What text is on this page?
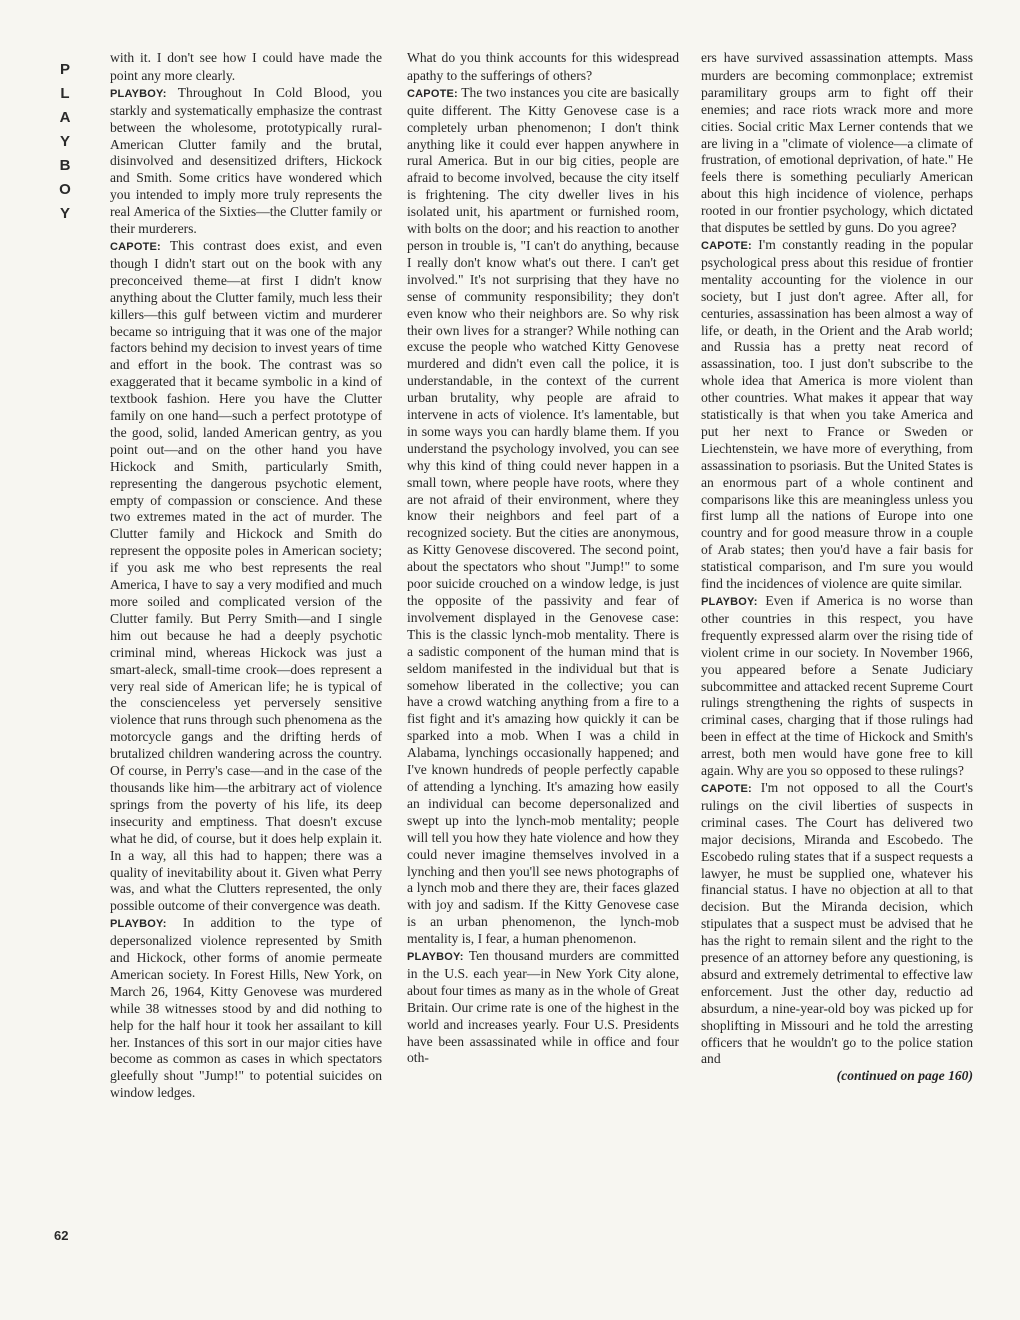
P
L
A
Y
B
O
Y

with it. I don't see how I could have made the point any more clearly.

PLAYBOY: Throughout In Cold Blood, you starkly and systematically emphasize the contrast between the wholesome, prototypically rural-American Clutter family and the brutal, disinvolved and desensitized drifters, Hickock and Smith. Some critics have wondered which you intended to imply more truly represents the real America of the Sixties—the Clutter family or their murderers.

CAPOTE: This contrast does exist, and even though I didn't start out on the book with any preconceived theme—at first I didn't know anything about the Clutter family, much less their killers—this gulf between victim and murderer became so intriguing that it was one of the major factors behind my decision to invest years of time and effort in the book. The contrast was so exaggerated that it became symbolic in a kind of textbook fashion. Here you have the Clutter family on one hand—such a perfect prototype of the good, solid, landed American gentry, as you point out—and on the other hand you have Hickock and Smith, particularly Smith, representing the dangerous psychotic element, empty of compassion or conscience. And these two extremes mated in the act of murder. The Clutter family and Hickock and Smith do represent the opposite poles in American society; if you ask me who best represents the real America, I have to say a very modified and much more soiled and complicated version of the Clutter family. But Perry Smith—and I single him out because he had a deeply psychotic criminal mind, whereas Hickock was just a smart-aleck, small-time crook—does represent a very real side of American life; he is typical of the conscienceless yet perversely sensitive violence that runs through such phenomena as the motorcycle gangs and the drifting herds of brutalized children wandering across the country. Of course, in Perry's case—and in the case of the thousands like him—the arbitrary act of violence springs from the poverty of his life, its deep insecurity and emptiness. That doesn't excuse what he did, of course, but it does help explain it. In a way, all this had to happen; there was a quality of inevitability about it. Given what Perry was, and what the Clutters represented, the only possible outcome of their convergence was death.

PLAYBOY: In addition to the type of depersonalized violence represented by Smith and Hickock, other forms of anomie permeate American society. In Forest Hills, New York, on March 26, 1964, Kitty Genovese was murdered while 38 witnesses stood by and did nothing to help for the half hour it took her assailant to kill her. Instances of this sort in our major cities have become as common as cases in which spectators gleefully shout "Jump!" to potential suicides on window ledges.

What do you think accounts for this widespread apathy to the sufferings of others?

CAPOTE: The two instances you cite are basically quite different. The Kitty Genovese case is a completely urban phenomenon; I don't think anything like it could ever happen anywhere in rural America. But in our big cities, people are afraid to become involved, because the city itself is frightening. The city dweller lives in his isolated unit, his apartment or furnished room, with bolts on the door; and his reaction to another person in trouble is, "I can't do anything, because I really don't know what's out there. I can't get involved." It's not surprising that they have no sense of community responsibility; they don't even know who their neighbors are. So why risk their own lives for a stranger? While nothing can excuse the people who watched Kitty Genovese murdered and didn't even call the police, it is understandable, in the context of the current urban brutality, why people are afraid to intervene in acts of violence. It's lamentable, but in some ways you can hardly blame them. If you understand the psychology involved, you can see why this kind of thing could never happen in a small town, where people have roots, where they are not afraid of their environment, where they know their neighbors and feel part of a recognized society. But the cities are anonymous, as Kitty Genovese discovered. The second point, about the spectators who shout "Jump!" to some poor suicide crouched on a window ledge, is just the opposite of the passivity and fear of involvement displayed in the Genovese case: This is the classic lynch-mob mentality. There is a sadistic component of the human mind that is seldom manifested in the individual but that is somehow liberated in the collective; you can have a crowd watching anything from a fire to a fist fight and it's amazing how quickly it can be sparked into a mob. When I was a child in Alabama, lynchings occasionally happened; and I've known hundreds of people perfectly capable of attending a lynching. It's amazing how easily an individual can become depersonalized and swept up into the lynch-mob mentality; people will tell you how they hate violence and how they could never imagine themselves involved in a lynching and then you'll see news photographs of a lynch mob and there they are, their faces glazed with joy and sadism. If the Kitty Genovese case is an urban phenomenon, the lynch-mob mentality is, I fear, a human phenomenon.

PLAYBOY: Ten thousand murders are committed in the U.S. each year—in New York City alone, about four times as many as in the whole of Great Britain. Our crime rate is one of the highest in the world and increases yearly. Four U.S. Presidents have been assassinated while in office and four oth-

ers have survived assassination attempts. Mass murders are becoming commonplace; extremist paramilitary groups arm to fight off their enemies; and race riots wrack more and more cities. Social critic Max Lerner contends that we are living in a "climate of violence—a climate of frustration, of emotional deprivation, of hate." He feels there is something peculiarly American about this high incidence of violence, perhaps rooted in our frontier psychology, which dictated that disputes be settled by guns. Do you agree?

CAPOTE: I'm constantly reading in the popular psychological press about this residue of frontier mentality accounting for the violence in our society, but I just don't agree. After all, for centuries, assassination has been almost a way of life, or death, in the Orient and the Arab world; and Russia has a pretty neat record of assassination, too. I just don't subscribe to the whole idea that America is more violent than other countries. What makes it appear that way statistically is that when you take America and put her next to France or Sweden or Liechtenstein, we have more of everything, from assassination to psoriasis. But the United States is an enormous part of a whole continent and comparisons like this are meaningless unless you first lump all the nations of Europe into one country and for good measure throw in a couple of Arab states; then you'd have a fair basis for statistical comparison, and I'm sure you would find the incidences of violence are quite similar.

PLAYBOY: Even if America is no worse than other countries in this respect, you have frequently expressed alarm over the rising tide of violent crime in our society. In November 1966, you appeared before a Senate Judiciary subcommittee and attacked recent Supreme Court rulings strengthening the rights of suspects in criminal cases, charging that if those rulings had been in effect at the time of Hickock and Smith's arrest, both men would have gone free to kill again. Why are you so opposed to these rulings?

CAPOTE: I'm not opposed to all the Court's rulings on the civil liberties of suspects in criminal cases. The Court has delivered two major decisions, Miranda and Escobedo. The Escobedo ruling states that if a suspect requests a lawyer, he must be supplied one, whatever his financial status. I have no objection at all to that decision. But the Miranda decision, which stipulates that a suspect must be advised that he has the right to remain silent and the right to the presence of an attorney before any questioning, is absurd and extremely detrimental to effective law enforcement. Just the other day, reductio ad absurdum, a nine-year-old boy was picked up for shoplifting in Missouri and he told the arresting officers that he wouldn't go to the police station and

(continued on page 160)

62
